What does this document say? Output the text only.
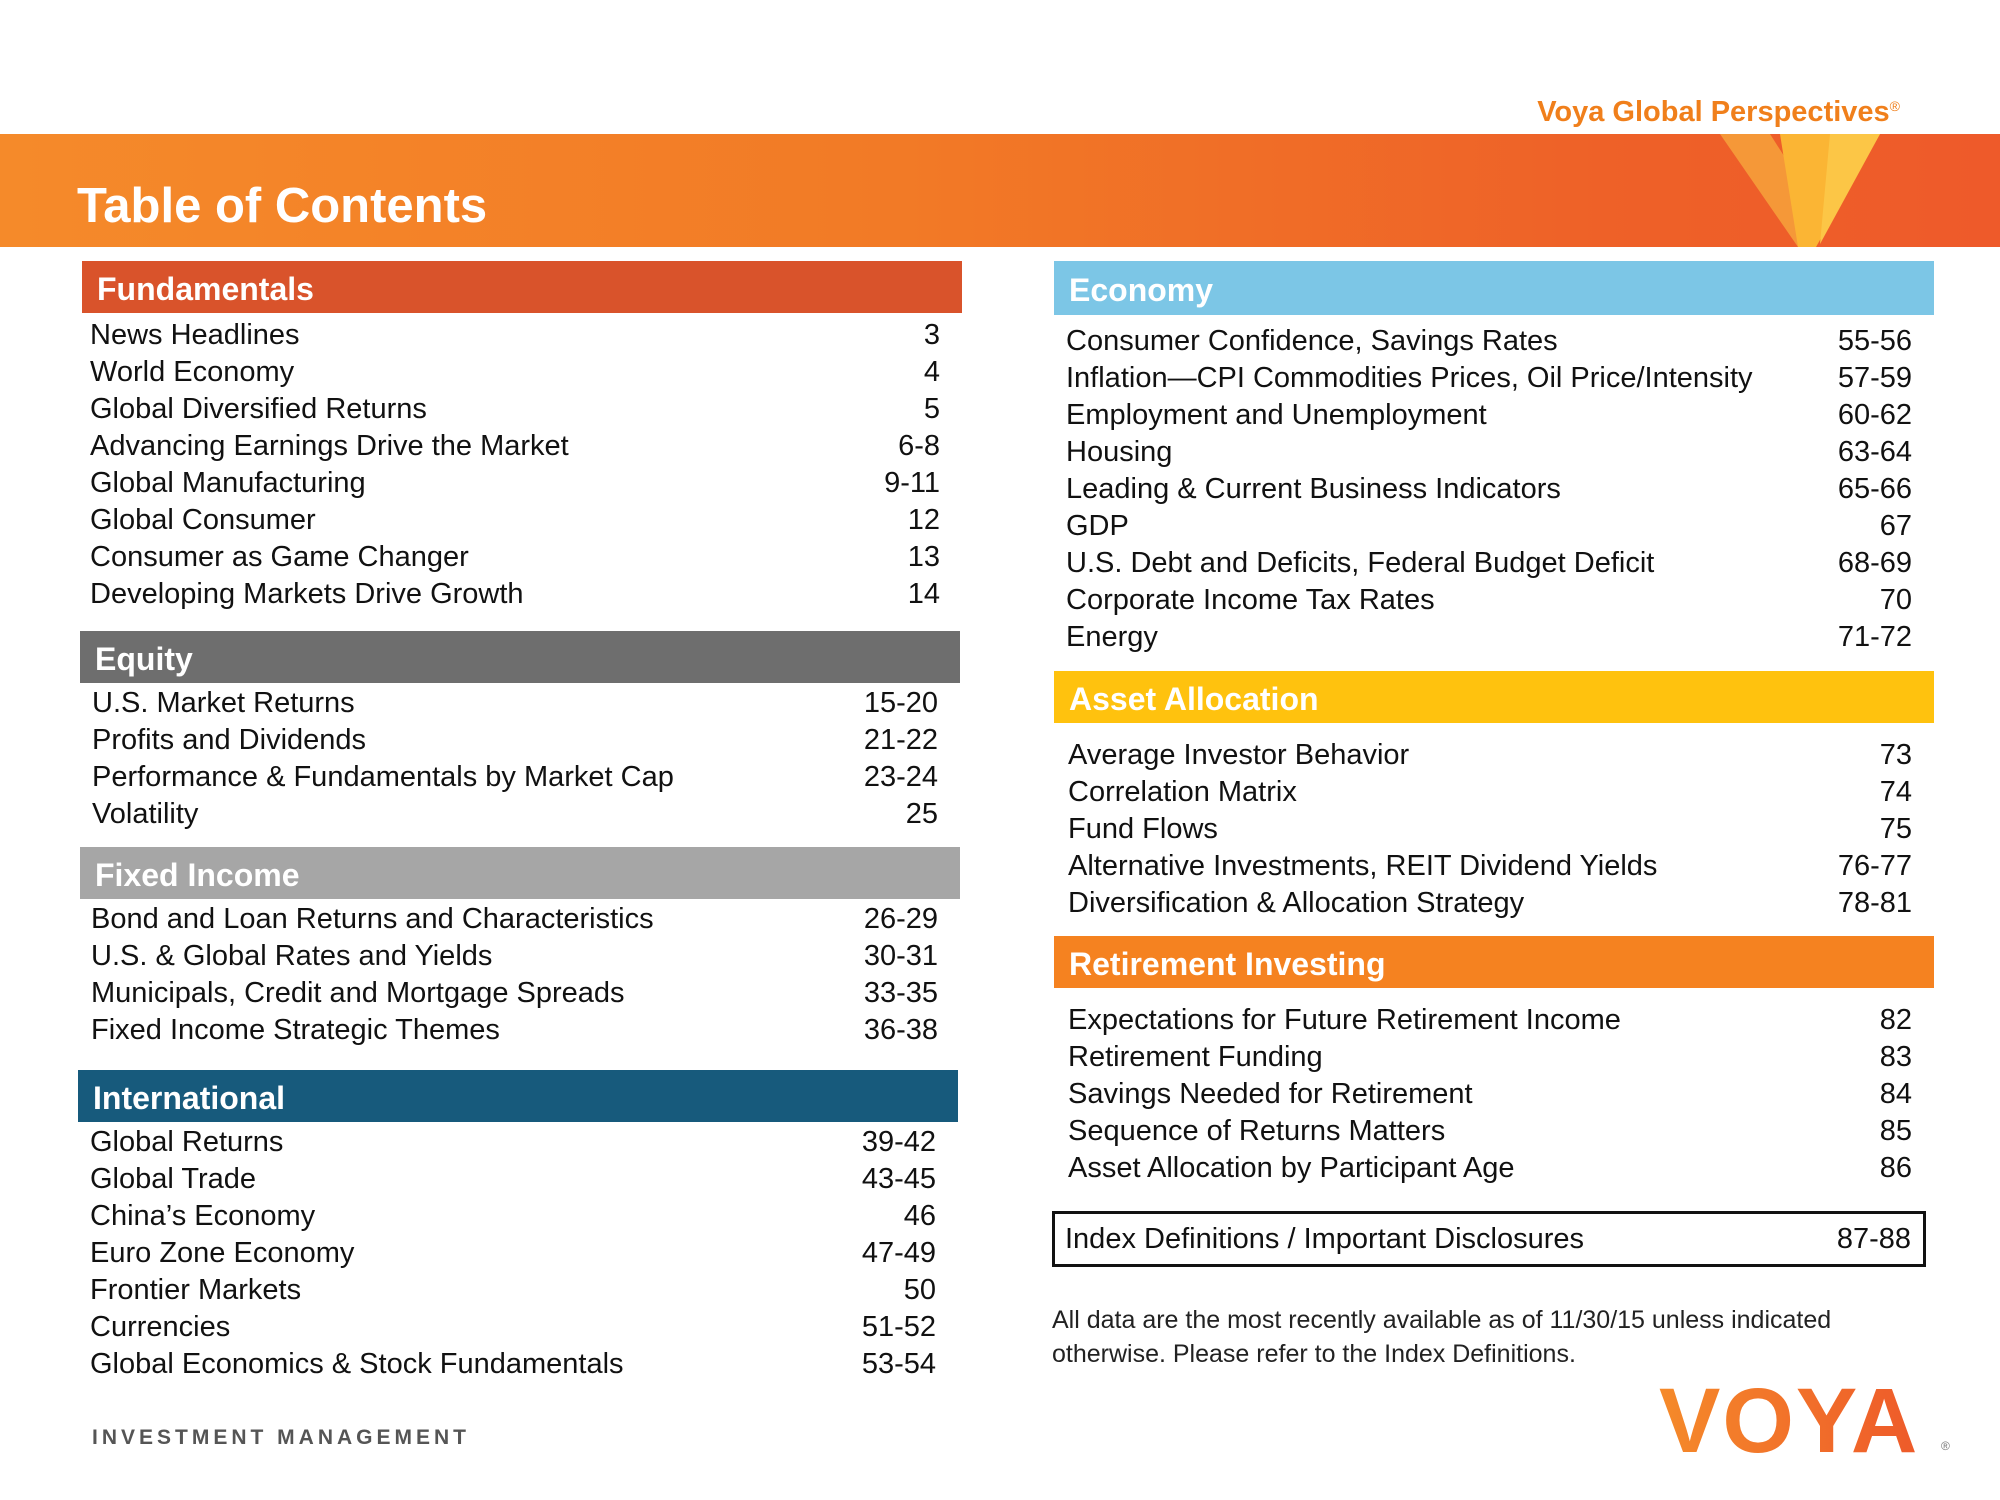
Voya Global Perspectives®
Table of Contents
Fundamentals
News Headlines	3
World Economy	4
Global Diversified Returns	5
Advancing Earnings Drive the Market	6-8
Global Manufacturing	9-11
Global Consumer	12
Consumer as Game Changer	13
Developing Markets Drive Growth	14
Equity
U.S. Market Returns	15-20
Profits and Dividends	21-22
Performance & Fundamentals by Market Cap	23-24
Volatility	25
Fixed Income
Bond and Loan Returns and Characteristics	26-29
U.S. & Global Rates and Yields	30-31
Municipals, Credit and Mortgage Spreads	33-35
Fixed Income Strategic Themes	36-38
International
Global Returns	39-42
Global Trade	43-45
China’s Economy	46
Euro Zone Economy	47-49
Frontier Markets	50
Currencies	51-52
Global Economics & Stock Fundamentals	53-54
Economy
Consumer Confidence, Savings Rates	55-56
Inflation—CPI Commodities Prices, Oil Price/Intensity	57-59
Employment and Unemployment	60-62
Housing	63-64
Leading & Current Business Indicators	65-66
GDP	67
U.S. Debt and Deficits, Federal Budget Deficit	68-69
Corporate Income Tax Rates	70
Energy	71-72
Asset Allocation
Average Investor Behavior	73
Correlation Matrix	74
Fund Flows	75
Alternative Investments, REIT Dividend Yields	76-77
Diversification & Allocation Strategy	78-81
Retirement Investing
Expectations for Future Retirement Income	82
Retirement Funding	83
Savings Needed for Retirement	84
Sequence of Returns Matters	85
Asset Allocation by Participant Age	86
Index Definitions / Important Disclosures	87-88
All data are the most recently available as of 11/30/15 unless indicated otherwise. Please refer to the Index Definitions.
INVESTMENT MANAGEMENT	VOYA ®
